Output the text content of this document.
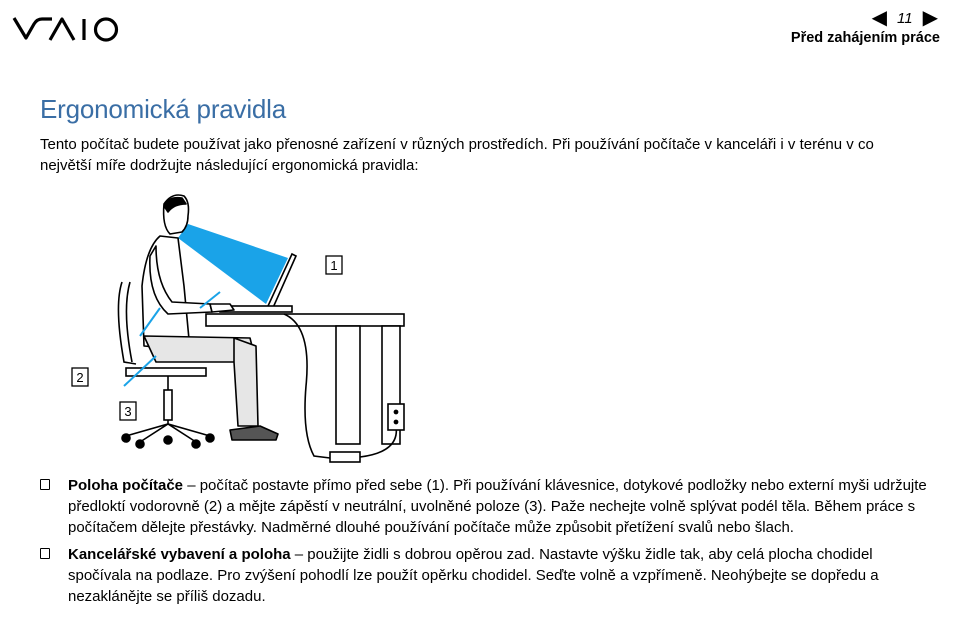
◀ 11 ▶
Před zahájením práce
Ergonomická pravidla

Tento počítač budete používat jako přenosné zařízení v různých prostředích. Při používání počítače v kanceláři i v terénu v co největší míře dodržujte následující ergonomická pravidla:

1
2
3
Poloha počítače – počítač postavte přímo před sebe (1). Při používání klávesnice, dotykové podložky nebo externí myši udržujte předloktí vodorovně (2) a mějte zápěstí v neutrální, uvolněné poloze (3). Paže nechejte volně splývat podél těla. Během práce s počítačem dělejte přestávky. Nadměrné dlouhé používání počítače může způsobit přetížení svalů nebo šlach.
Kancelářské vybavení a poloha – použijte židli s dobrou opěrou zad. Nastavte výšku židle tak, aby celá plocha chodidel spočívala na podlaze. Pro zvýšení pohodlí lze použít opěrku chodidel. Seďte volně a vzpřímeně. Neohýbejte se dopředu a nezaklánějte se příliš dozadu.
